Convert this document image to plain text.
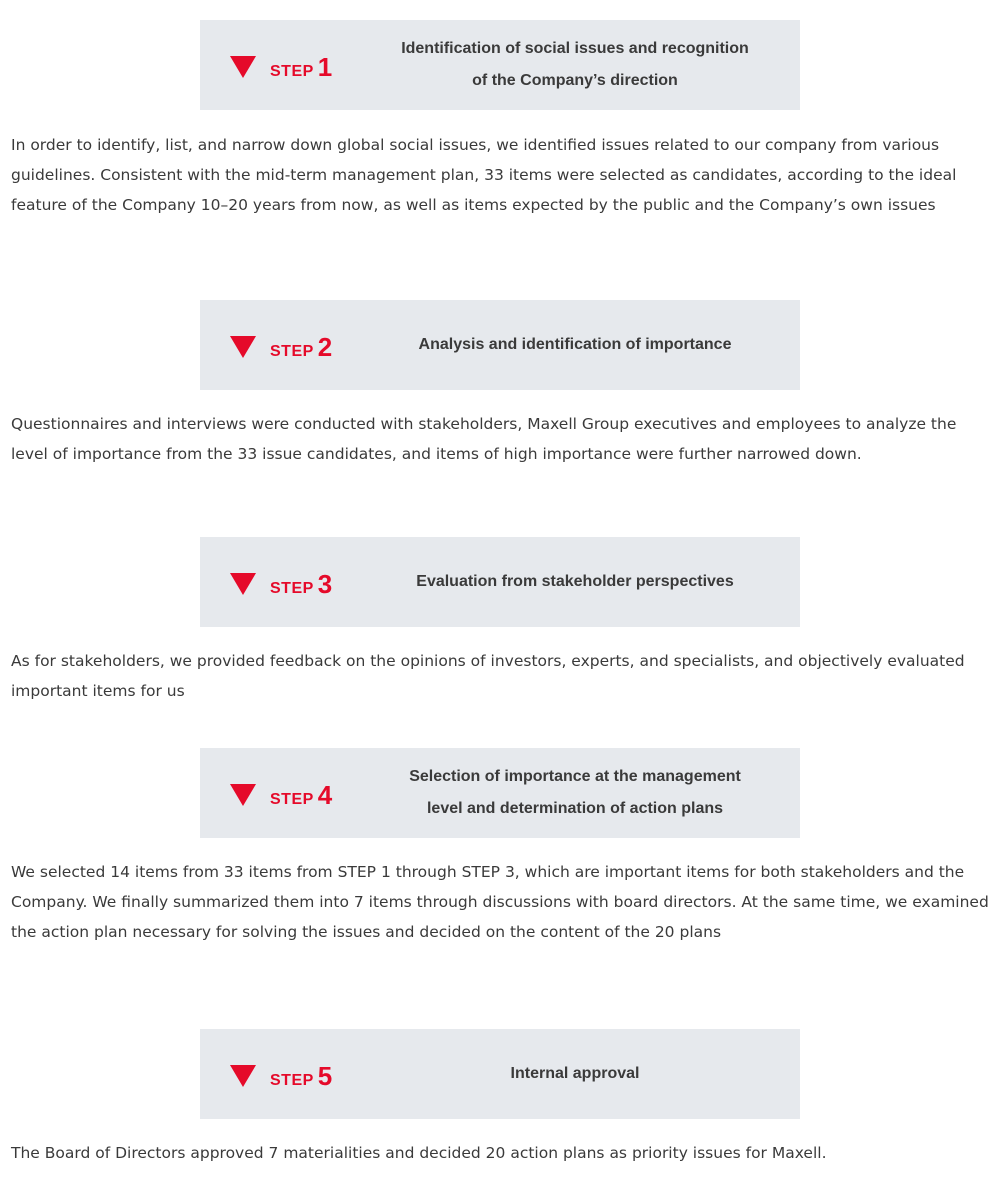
STEP 1
Identification of social issues and recognition
of the Company’s direction

In order to identify, list, and narrow down global social issues, we identified issues related to our company from various guidelines. Consistent with the mid-term management plan, 33 items were selected as candidates, according to the ideal feature of the Company 10–20 years from now, as well as items expected by the public and the Company’s own issues

STEP 2	Analysis and identification of importance

Questionnaires and interviews were conducted with stakeholders, Maxell Group executives and employees to analyze the level of importance from the 33 issue candidates, and items of high importance were further narrowed down.

STEP 3	Evaluation from stakeholder perspectives

As for stakeholders, we provided feedback on the opinions of investors, experts, and specialists, and objectively evaluated important items for us

STEP 4
Selection of importance at the management
level and determination of action plans

We selected 14 items from 33 items from STEP 1 through STEP 3, which are important items for both stakeholders and the Company. We finally summarized them into 7 items through discussions with board directors. At the same time, we examined the action plan necessary for solving the issues and decided on the content of the 20 plans

STEP 5	Internal approval

The Board of Directors approved 7 materialities and decided 20 action plans as priority issues for Maxell.
